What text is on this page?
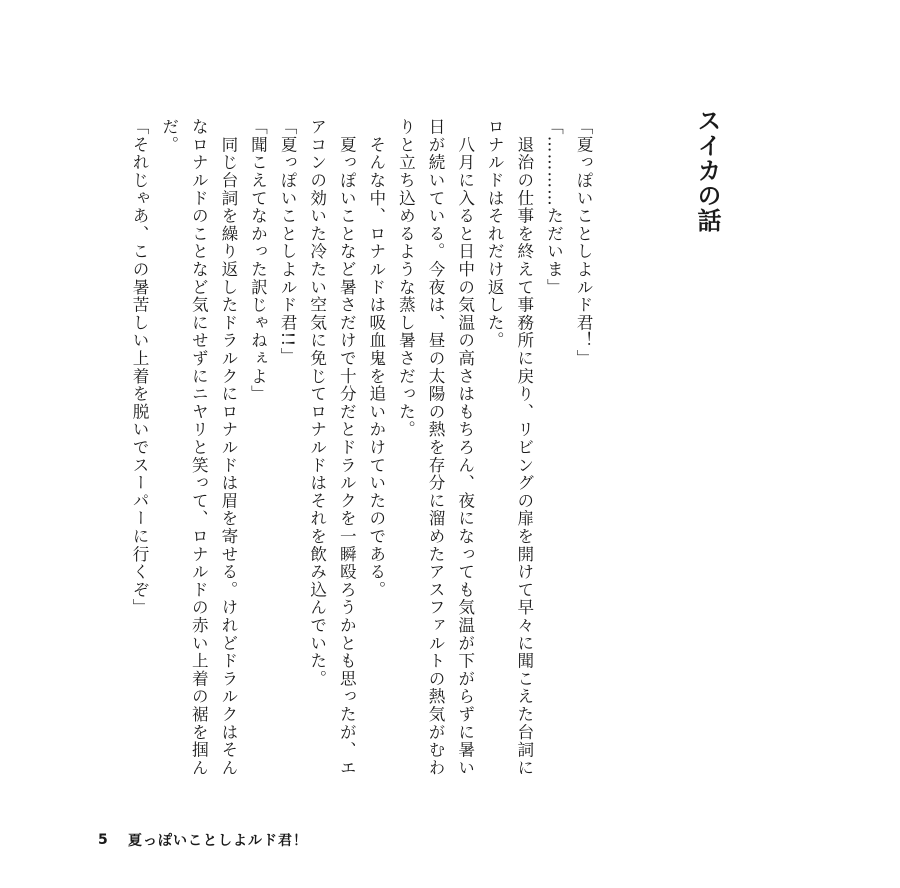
スイカの話

「夏っぽいことしよルド君！」

「…………ただいま」

　退治の仕事を終えて事務所に戻り、リビングの扉を開けて早々に聞こえた台詞にロナルドはそれだけ返した。

　八月に入ると日中の気温の高さはもちろん、夜になっても気温が下がらずに暑い日が続いている。今夜は、昼の太陽の熱を存分に溜めたアスファルトの熱気がむわりと立ち込めるような蒸し暑さだった。

　そんな中、ロナルドは吸血鬼を追いかけていたのである。

　夏っぽいことなど暑さだけで十分だとドラルクを一瞬殴ろうかとも思ったが、エアコンの効いた冷たい空気に免じてロナルドはそれを飲み込んでいた。

「夏っぽいことしよルド君!!」

「聞こえてなかった訳じゃねぇよ」

　同じ台詞を繰り返したドラルクにロナルドは眉を寄せる。けれどドラルクはそんなロナルドのことなど気にせずにニヤリと笑って、ロナルドの赤い上着の裾を掴んだ。

「それじゃあ、この暑苦しい上着を脱いでスーパーに行くぞ」

5	夏っぽいことしよルド君！
